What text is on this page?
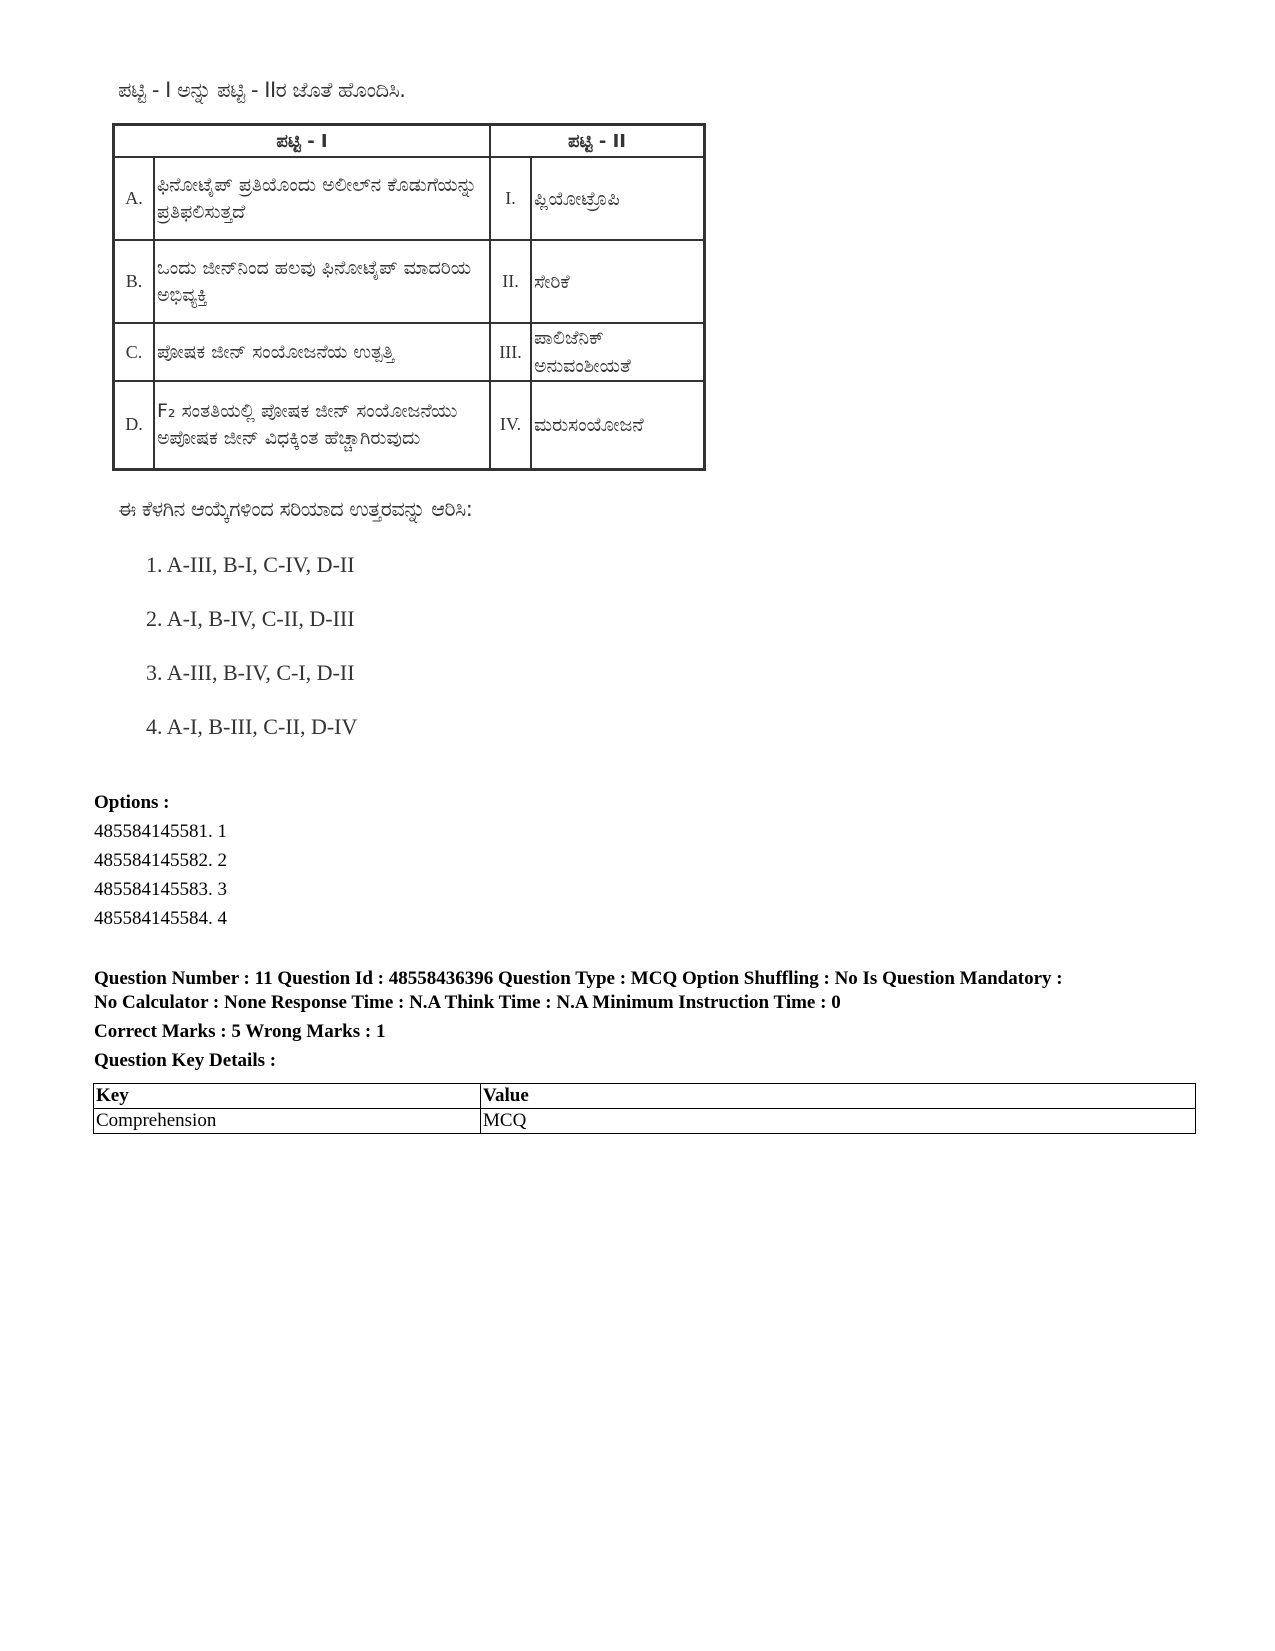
ಪಟ್ಟಿ - I ಅನ್ನು ಪಟ್ಟಿ - IIರ ಜೊತೆ ಹೊಂದಿಸಿ.

ಪಟ್ಟಿ - I		ಪಟ್ಟಿ - II	
A.	ಫಿನೋಟೈಪ್ ಪ್ರತಿಯೊಂದು ಅಲೀಲ್‌ನ ಕೊಡುಗೆಯನ್ನು ಪ್ರತಿಫಲಿಸುತ್ತದೆ	I.	ಪ್ಲಿಯೋಟ್ರೊಪಿ
B.	ಒಂದು ಜೀನ್‌ನಿಂದ ಹಲವು ಫಿನೋಟೈಪ್ ಮಾದರಿಯ ಅಭಿವ್ಯಕ್ತಿ	II.	ಸೇರಿಕೆ
C.	ಪೋಷಕ ಜೀನ್ ಸಂಯೋಜನೆಯ ಉತ್ಪತ್ತಿ	III.	ಪಾಲಿಜೆನಿಕ್ ಅನುವಂಶೀಯತೆ
D.	F₂ ಸಂತತಿಯಲ್ಲಿ ಪೋಷಕ ಜೀನ್ ಸಂಯೋಜನೆಯು ಅಪೋಷಕ ಜೀನ್ ವಿಧಕ್ಕಿಂತ ಹೆಚ್ಚಾಗಿರುವುದು	IV.	ಮರುಸಂಯೋಜನೆ

ಈ ಕೆಳಗಿನ ಆಯ್ಕೆಗಳಿಂದ ಸರಿಯಾದ ಉತ್ತರವನ್ನು ಆರಿಸಿ:

1. A-III, B-I, C-IV, D-II
2. A-I, B-IV, C-II, D-III
3. A-III, B-IV, C-I, D-II
4. A-I, B-III, C-II, D-IV
Options :
485584145581. 1
485584145582. 2
485584145583. 3
485584145584. 4

Question Number : 11 Question Id : 48558436396 Question Type : MCQ Option Shuffling : No Is Question Mandatory :

No Calculator : None Response Time : N.A Think Time : N.A Minimum Instruction Time : 0

Correct Marks : 5 Wrong Marks : 1

Question Key Details :

Key	Value
Comprehension	MCQ
